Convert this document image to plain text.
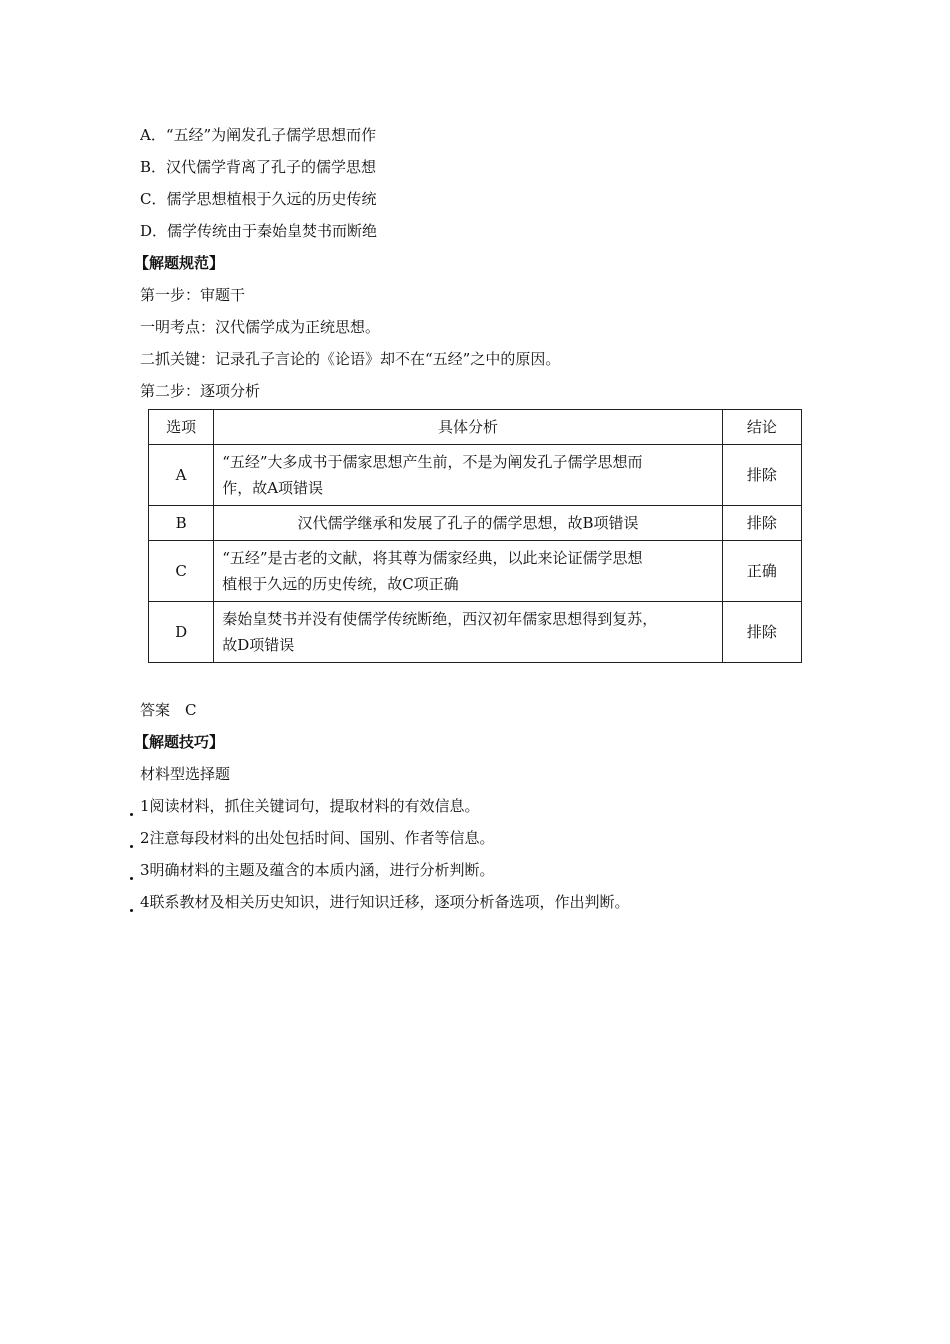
A．“五经”为阐发孔子儒学思想而作
B．汉代儒学背离了孔子的儒学思想
C．儒学思想植根于久远的历史传统
D．儒学传统由于秦始皇焚书而断绝
【解题规范】
第一步：审题干
一明考点：汉代儒学成为正统思想。
二抓关键：记录孔子言论的《论语》却不在“五经”之中的原因。
第二步：逐项分析
选项	具体分析	结论
A	“五经”大多成书于儒家思想产生前，不是为阐发孔子儒学思想而
作，故A项错误	排除
B	汉代儒学继承和发展了孔子的儒学思想，故B项错误	排除
C	“五经”是古老的文献，将其尊为儒家经典，以此来论证儒学思想
植根于久远的历史传统，故C项正确	正确
D	秦始皇焚书并没有使儒学传统断绝，西汉初年儒家思想得到复苏，
故D项错误	排除
答案　C
【解题技巧】
材料型选择题
1阅读材料，抓住关键词句，提取材料的有效信息。
2注意每段材料的出处包括时间、国别、作者等信息。
3明确材料的主题及蕴含的本质内涵，进行分析判断。
4联系教材及相关历史知识，进行知识迁移，逐项分析备选项，作出判断。
